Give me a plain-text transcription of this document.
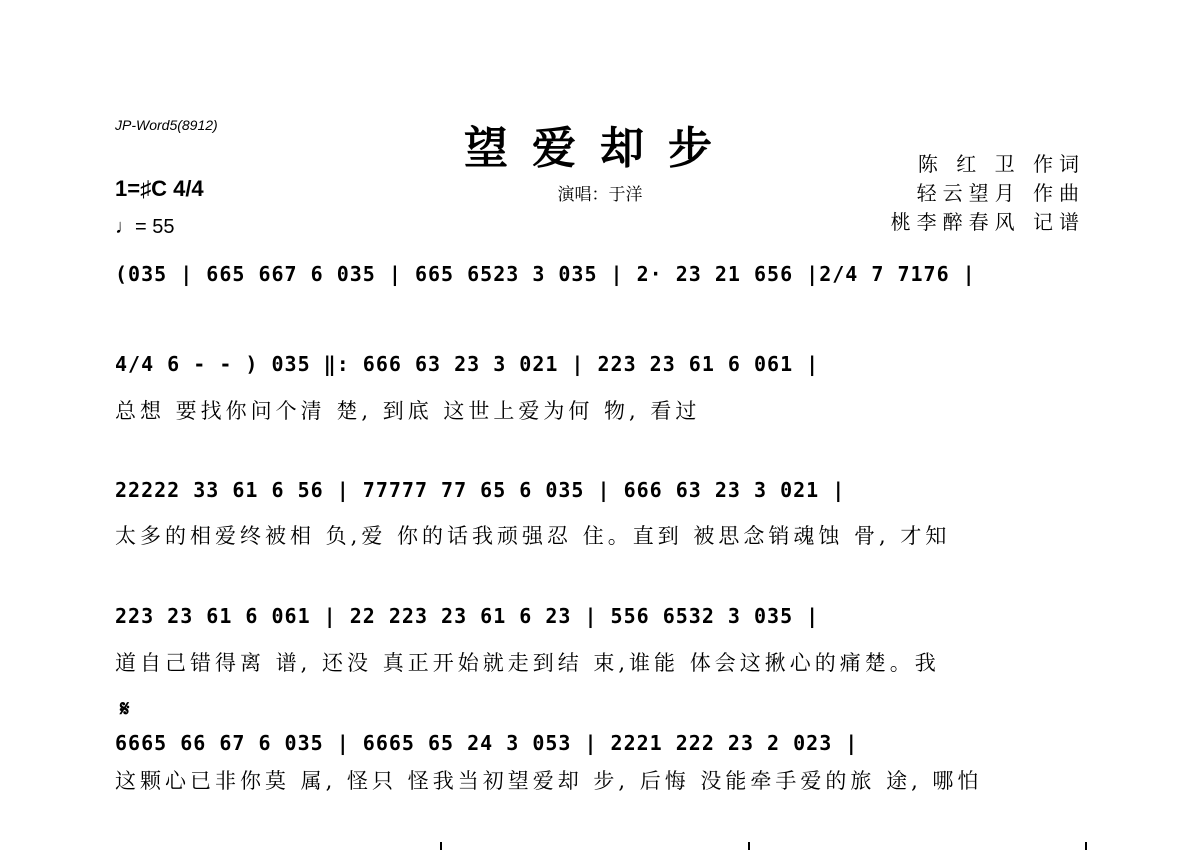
JP-Word5(8912)	望爱却步
演唱：于洋
陈 红 卫 作词
轻云望月 作曲
桃李醉春风 记谱
1=♯C 4/4
♩= 55
(035 | 665 667 6 035 | 665 6523 3 035 | 2· 23 21 656 |2/4 7 7176 |
4/4 6 - - ) 035 ‖: 666 63 23 3 021 | 223 23 61 6 061 |
总想 要找你问个清 楚, 到底 这世上爱为何 物, 看过
22222 33 61 6 56 | 77777 77 65 6 035 | 666 63 23 3 021 |
太多的相爱终被相 负,爱 你的话我顽强忍 住。直到 被思念销魂蚀 骨, 才知
223 23 61 6 061 | 22 223 23 61 6 23 | 556 6532 3 035 |
道自己错得离 谱, 还没 真正开始就走到结 束,谁能 体会这揪心的痛楚。我
𝄋
6665 66 67 6 035 | 6665 65 24 3 053 | 2221 222 23 2 023 |
这颗心已非你莫 属, 怪只 怪我当初望爱却 步, 后悔 没能牵手爱的旅 途, 哪怕
